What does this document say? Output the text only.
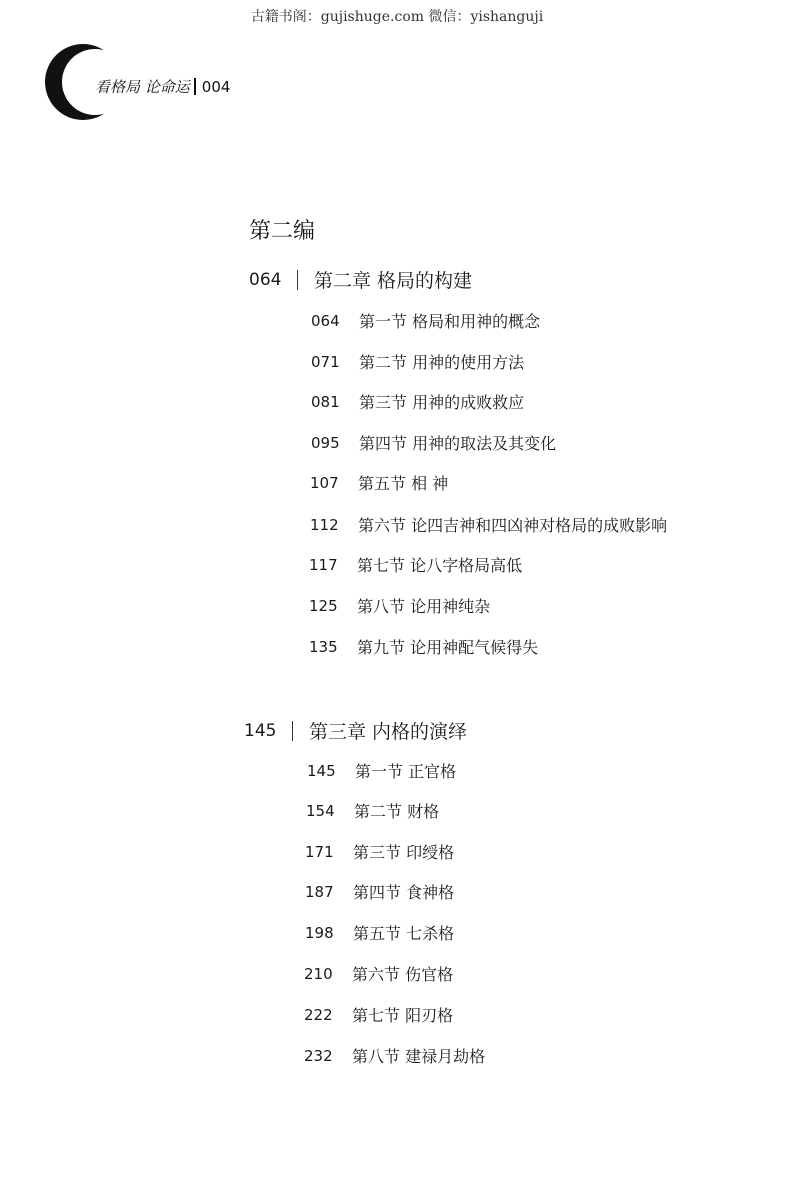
古籍书阁：gujishuge.com 微信：yishanguji
看格局 论命运 004
第二编
064	第二章 格局的构建
064	第一节 格局和用神的概念
071	第二节 用神的使用方法
081	第三节 用神的成败救应
095	第四节 用神的取法及其变化
107	第五节 相 神
112	第六节 论四吉神和四凶神对格局的成败影响
117	第七节 论八字格局高低
125	第八节 论用神纯杂
135	第九节 论用神配气候得失
145	第三章 内格的演绎
145	第一节 正官格
154	第二节 财格
171	第三节 印绶格
187	第四节 食神格
198	第五节 七杀格
210	第六节 伤官格
222	第七节 阳刃格
232	第八节 建禄月劫格
